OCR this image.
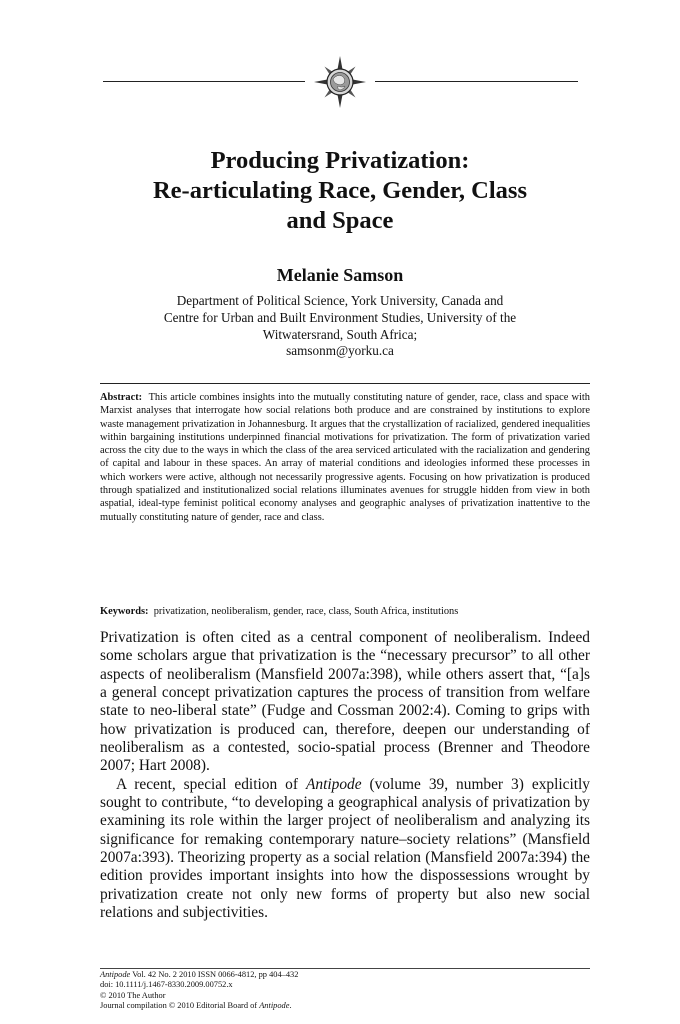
Producing Privatization:
Re-articulating Race, Gender, Class
and Space

Melanie Samson

Department of Political Science, York University, Canada and
Centre for Urban and Built Environment Studies, University of the
Witwatersrand, South Africa;
samsonm@yorku.ca

Abstract: This article combines insights into the mutually constituting nature of gender, race, class and space with Marxist analyses that interrogate how social relations both produce and are constrained by institutions to explore waste management privatization in Johannesburg. It argues that the crystallization of racialized, gendered inequalities within bargaining institutions underpinned financial motivations for privatization. The form of privatization varied across the city due to the ways in which the class of the area serviced articulated with the racialization and gendering of capital and labour in these spaces. An array of material conditions and ideologies informed these processes in which workers were active, although not necessarily progressive agents. Focusing on how privatization is produced through spatialized and institutionalized social relations illuminates avenues for struggle hidden from view in both aspatial, ideal-type feminist political economy analyses and geographic analyses of privatization inattentive to the mutually constituting nature of gender, race and class.

Keywords: privatization, neoliberalism, gender, race, class, South Africa, institutions

Privatization is often cited as a central component of neoliberalism. Indeed some scholars argue that privatization is the “necessary precursor” to all other aspects of neoliberalism (Mansfield 2007a:398), while others assert that, “[a]s a general concept privatization captures the process of transition from welfare state to neo-liberal state” (Fudge and Cossman 2002:4). Coming to grips with how privatization is produced can, therefore, deepen our understanding of neoliberalism as a contested, socio-spatial process (Brenner and Theodore 2007; Hart 2008).

A recent, special edition of Antipode (volume 39, number 3) explicitly sought to contribute, “to developing a geographical analysis of privatization by examining its role within the larger project of neoliberalism and analyzing its significance for remaking contemporary nature–society relations” (Mansfield 2007a:393). Theorizing property as a social relation (Mansfield 2007a:394) the edition provides important insights into how the dispossessions wrought by privatization create not only new forms of property but also new social relations and subjectivities.

Antipode Vol. 42 No. 2 2010 ISSN 0066-4812, pp 404–432
doi: 10.1111/j.1467-8330.2009.00752.x
© 2010 The Author
Journal compilation © 2010 Editorial Board of Antipode.
